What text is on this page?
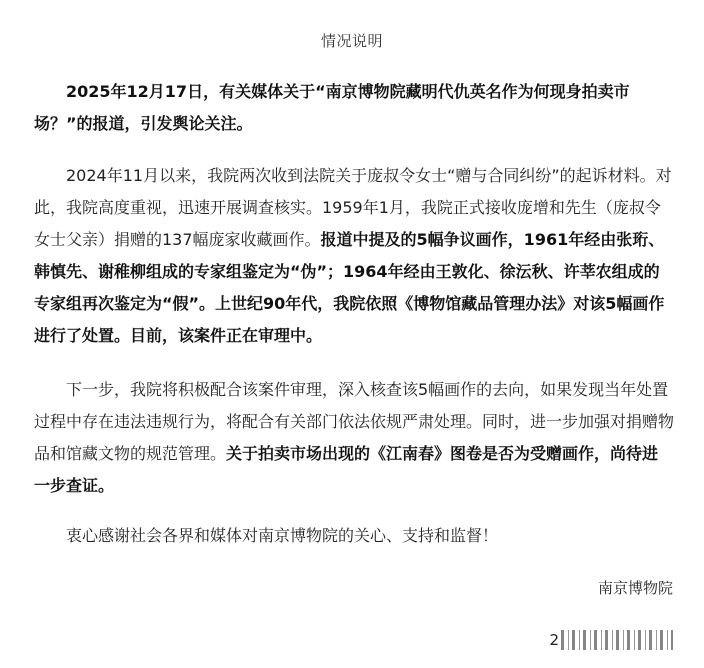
情况说明
2025年12月17日，有关媒体关于“南京博物院藏明代仇英名作为何现身拍卖市场？”的报道，引发舆论关注。
2024年11月以来，我院两次收到法院关于庞叔令女士“赠与合同纠纷”的起诉材料。对此，我院高度重视，迅速开展调查核实。1959年1月，我院正式接收庞增和先生（庞叔令女士父亲）捐赠的137幅庞家收藏画作。报道中提及的5幅争议画作，1961年经由张珩、韩慎先、谢稚柳组成的专家组鉴定为“伪”；1964年经由王敦化、徐沄秋、许莘农组成的专家组再次鉴定为“假”。上世纪90年代，我院依照《博物馆藏品管理办法》对该5幅画作进行了处置。目前，该案件正在审理中。
下一步，我院将积极配合该案件审理，深入核查该5幅画作的去向，如果发现当年处置过程中存在违法违规行为，将配合有关部门依法依规严肃处理。同时，进一步加强对捐赠物品和馆藏文物的规范管理。关于拍卖市场出现的《江南春》图卷是否为受赠画作，尚待进一步查证。
衷心感谢社会各界和媒体对南京博物院的关心、支持和监督！
南京博物院
2
